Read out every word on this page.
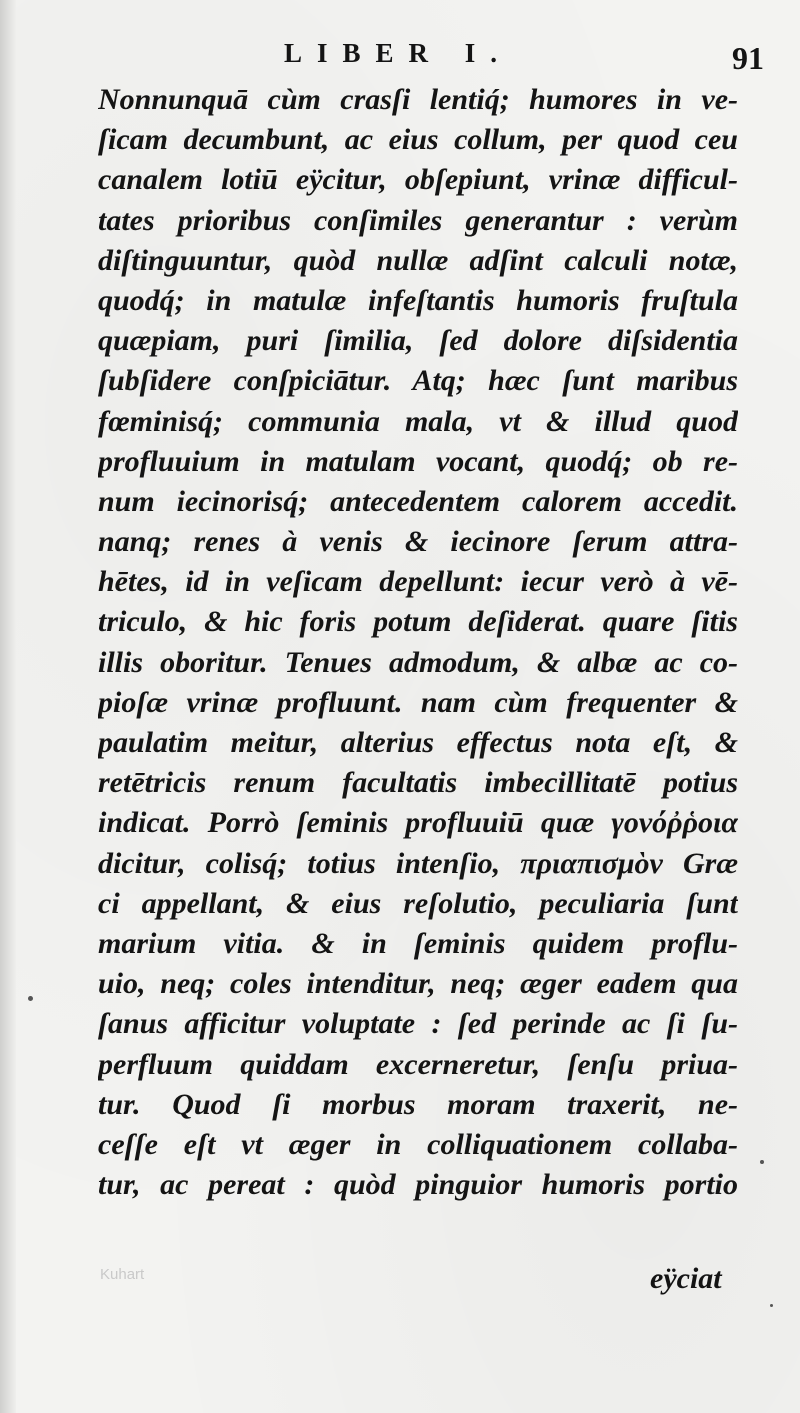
LIBER I.	91
Nonnunquā cùm crasſi lentiq́; humores in ve-
ſicam decumbunt, ac eius collum, per quod ceu
canalem lotiū eÿcitur, obſepiunt, vrinæ difficul-
tates prioribus conſimiles generantur : verùm
diſtinguuntur, quòd nullæ adſint calculi notæ,
quodq́; in matulæ infeſtantis humoris fruſtula
quæpiam, puri ſimilia, ſed dolore diſsidentia
ſubſidere conſpiciātur. Atq; hæc ſunt maribus
fœminisq́; communia mala, vt & illud quod
profluuium in matulam vocant, quodq́; ob re-
num iecinorisq́; antecedentem calorem accedit.
nanq; renes à venis & iecinore ſerum attra-
hētes, id in veſicam depellunt: iecur verò à vē-
triculo, & hic foris potum deſiderat. quare ſitis
illis oboritur. Tenues admodum, & albæ ac co-
pioſæ vrinæ profluunt. nam cùm frequenter &
paulatim meitur, alterius effectus nota eſt, &
retētricis renum facultatis imbecillitatē potius
indicat. Porrò ſeminis profluuiū quæ γονόῤῥοια
dicitur, colisq́; totius intenſio, πριαπισμὸν Græ
ci appellant, & eius reſolutio, peculiaria ſunt
marium vitia. & in ſeminis quidem proflu-
uio, neq; coles intenditur, neq; æger eadem qua
ſanus afficitur voluptate : ſed perinde ac ſi ſu-
perfluum quiddam excerneretur, ſenſu priua-
tur. Quod ſi morbus moram traxerit, ne-
ceſſe eſt vt æger in colliquationem collaba-
tur, ac pereat : quòd pinguior humoris portio
eÿciat
Kuhart
